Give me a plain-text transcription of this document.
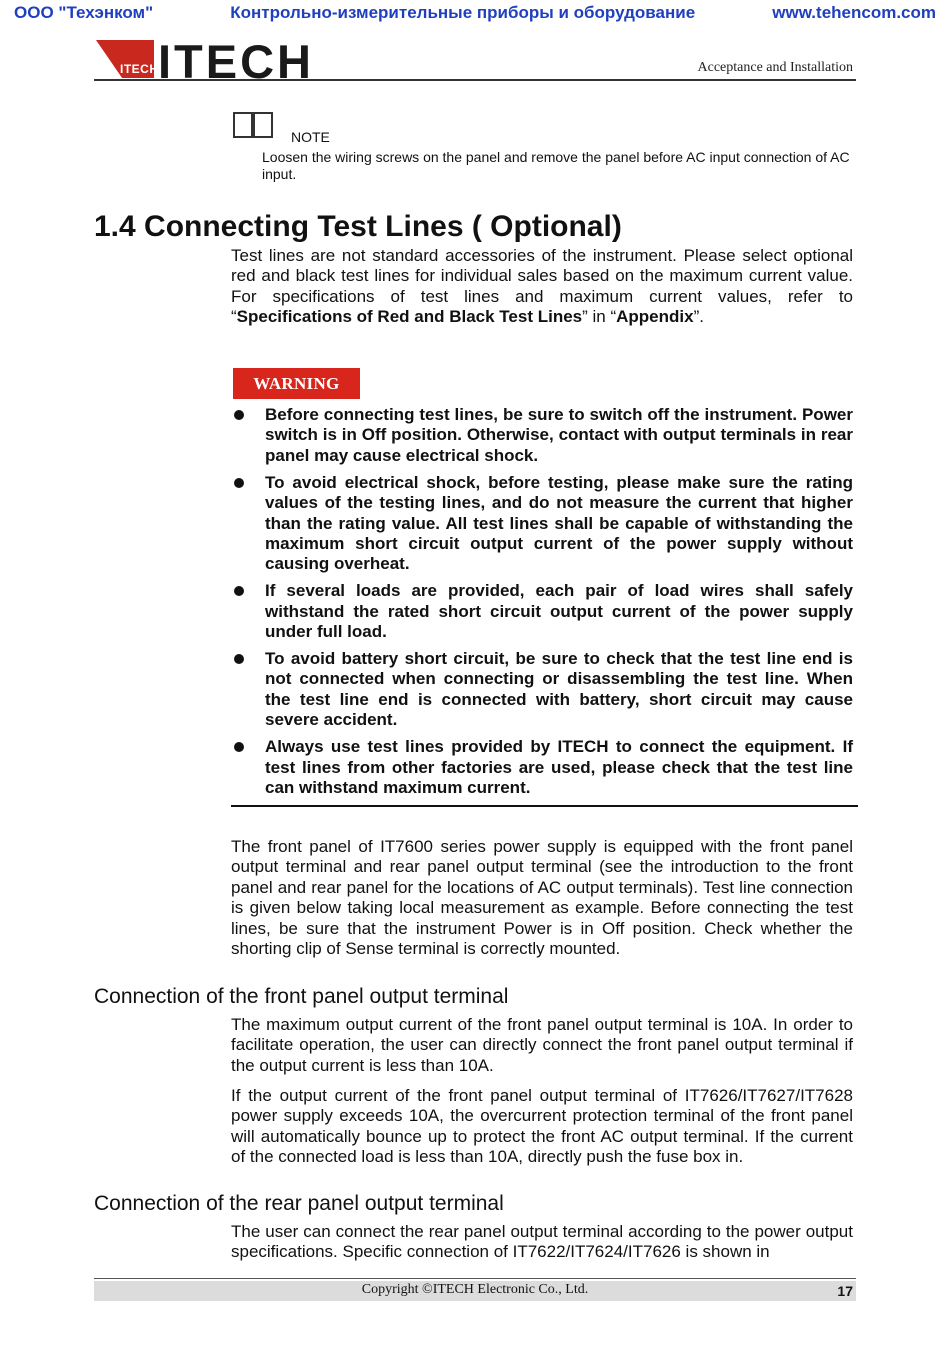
ООО "Техэнком"	Контрольно-измерительные приборы и оборудование	www.tehencom.com
ITECH ITECH	Acceptance and Installation
NOTE
Loosen the wiring screws on the panel and remove the panel before AC input connection of AC input.
1.4 Connecting Test Lines ( Optional)

Test lines are not standard accessories of the instrument. Please select optional red and black test lines for individual sales based on the maximum current value. For specifications of test lines and maximum current values, refer to “Specifications of Red and Black Test Lines” in “Appendix”.

WARNING
Before connecting test lines, be sure to switch off the instrument. Power switch is in Off position. Otherwise, contact with output terminals in rear panel may cause electrical shock.
To avoid electrical shock, before testing, please make sure the rating values of the testing lines, and do not measure the current that higher than the rating value. All test lines shall be capable of withstanding the maximum short circuit output current of the power supply without causing overheat.
If several loads are provided, each pair of load wires shall safely withstand the rated short circuit output current of the power supply under full load.
To avoid battery short circuit, be sure to check that the test line end is not connected when connecting or disassembling the test line. When the test line end is connected with battery, short circuit may cause severe accident.
Always use test lines provided by ITECH to connect the equipment. If test lines from other factories are used, please check that the test line can withstand maximum current.

The front panel of IT7600 series power supply is equipped with the front panel output terminal and rear panel output terminal (see the introduction to the front panel and rear panel for the locations of AC output terminals). Test line connection is given below taking local measurement as example. Before connecting the test lines, be sure that the instrument Power is in Off position. Check whether the shorting clip of Sense terminal is correctly mounted.

Connection of the front panel output terminal

The maximum output current of the front panel output terminal is 10A. In order to facilitate operation, the user can directly connect the front panel output terminal if the output current is less than 10A.

If the output current of the front panel output terminal of IT7626/IT7627/IT7628 power supply exceeds 10A, the overcurrent protection terminal of the front panel will automatically bounce up to protect the front AC output terminal. If the current of the connected load is less than 10A, directly push the fuse box in.

Connection of the rear panel output terminal

The user can connect the rear panel output terminal according to the power output specifications. Specific connection of IT7622/IT7624/IT7626 is shown in

Copyright ©ITECH Electronic Co., Ltd.	17
